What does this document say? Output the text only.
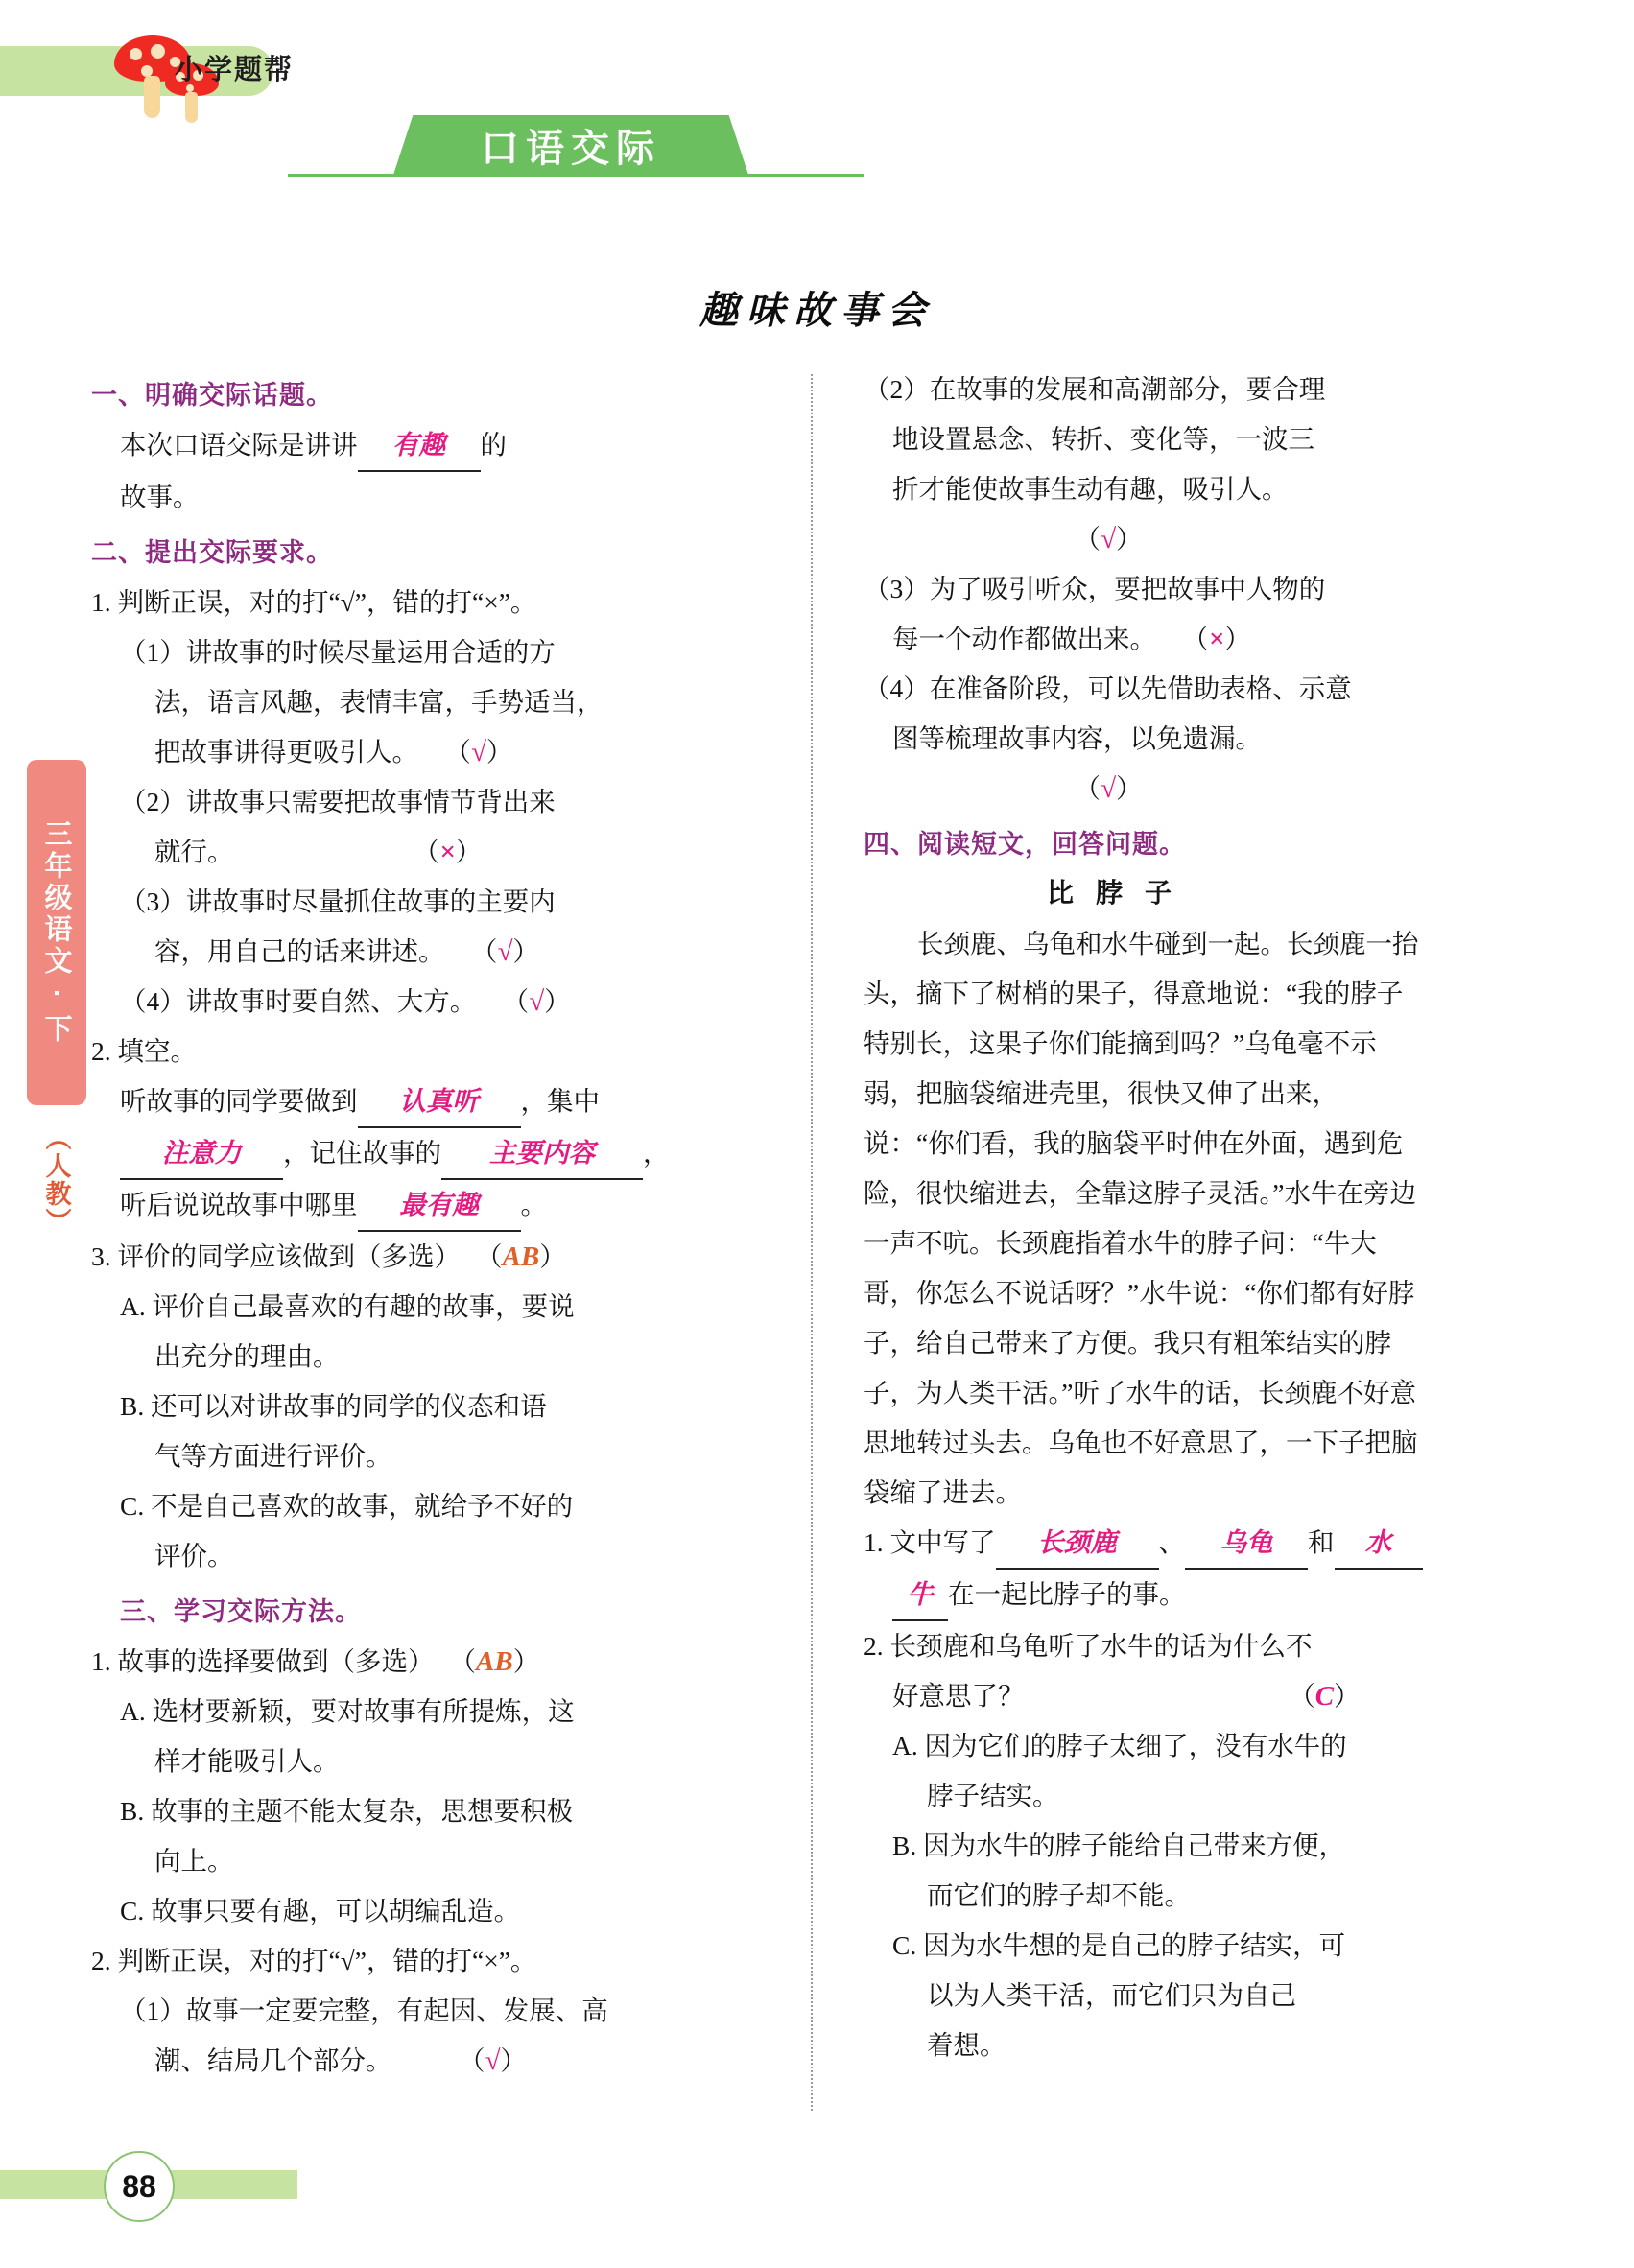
小学题帮
口语交际
趣味故事会
三年级语文 · 下
（人教）
一、明确交际话题。
本次口语交际是讲讲 有趣 的
故事。
二、提出交际要求。
1. 判断正误，对的打“√”，错的打“×”。
（1）讲故事的时候尽量运用合适的方
法，语言风趣，表情丰富，手势适当，
把故事讲得更吸引人。 （√）
（2）讲故事只需要把故事情节背出来
就行。	（×）
（3）讲故事时尽量抓住故事的主要内
容，用自己的话来讲述。 （√）
（4）讲故事时要自然、大方。 （√）
2. 填空。
听故事的同学要做到 认真听 ，集中
注意力 ，记住故事的 主要内容 ，
听后说说故事中哪里 最有趣 。
3. 评价的同学应该做到（多选） （AB）
A. 评价自己最喜欢的有趣的故事，要说
出充分的理由。
B. 还可以对讲故事的同学的仪态和语
气等方面进行评价。
C. 不是自己喜欢的故事，就给予不好的
评价。
三、学习交际方法。
1. 故事的选择要做到（多选） （AB）
A. 选材要新颖，要对故事有所提炼，这
样才能吸引人。
B. 故事的主题不能太复杂，思想要积极
向上。
C. 故事只要有趣，可以胡编乱造。
2. 判断正误，对的打“√”，错的打“×”。
（1）故事一定要完整，有起因、发展、高
潮、结局几个部分。	（√）
（2）在故事的发展和高潮部分，要合理
地设置悬念、转折、变化等，一波三
折才能使故事生动有趣，吸引人。
（√）
（3）为了吸引听众，要把故事中人物的
每一个动作都做出来。 （×）
（4）在准备阶段，可以先借助表格、示意
图等梳理故事内容，以免遗漏。
（√）
四、阅读短文，回答问题。
比 脖 子

长颈鹿、乌龟和水牛碰到一起。长颈鹿一抬头，摘下了树梢的果子，得意地说：“我的脖子特别长，这果子你们能摘到吗？”乌龟毫不示弱，把脑袋缩进壳里，很快又伸了出来，说：“你们看，我的脑袋平时伸在外面，遇到危险，很快缩进去，全靠这脖子灵活。”水牛在旁边一声不吭。长颈鹿指着水牛的脖子问：“牛大哥，你怎么不说话呀？”水牛说：“你们都有好脖子，给自己带来了方便。我只有粗笨结实的脖子，为人类干活。”听了水牛的话，长颈鹿不好意思地转过头去。乌龟也不好意思了，一下子把脑袋缩了进去。

1. 文中写了 长颈鹿 、 乌龟 和 水
牛 在一起比脖子的事。
2. 长颈鹿和乌龟听了水牛的话为什么不
好意思了？	（C）
A. 因为它们的脖子太细了，没有水牛的
脖子结实。
B. 因为水牛的脖子能给自己带来方便，
而它们的脖子却不能。
C. 因为水牛想的是自己的脖子结实，可
以为人类干活，而它们只为自己
着想。
88
